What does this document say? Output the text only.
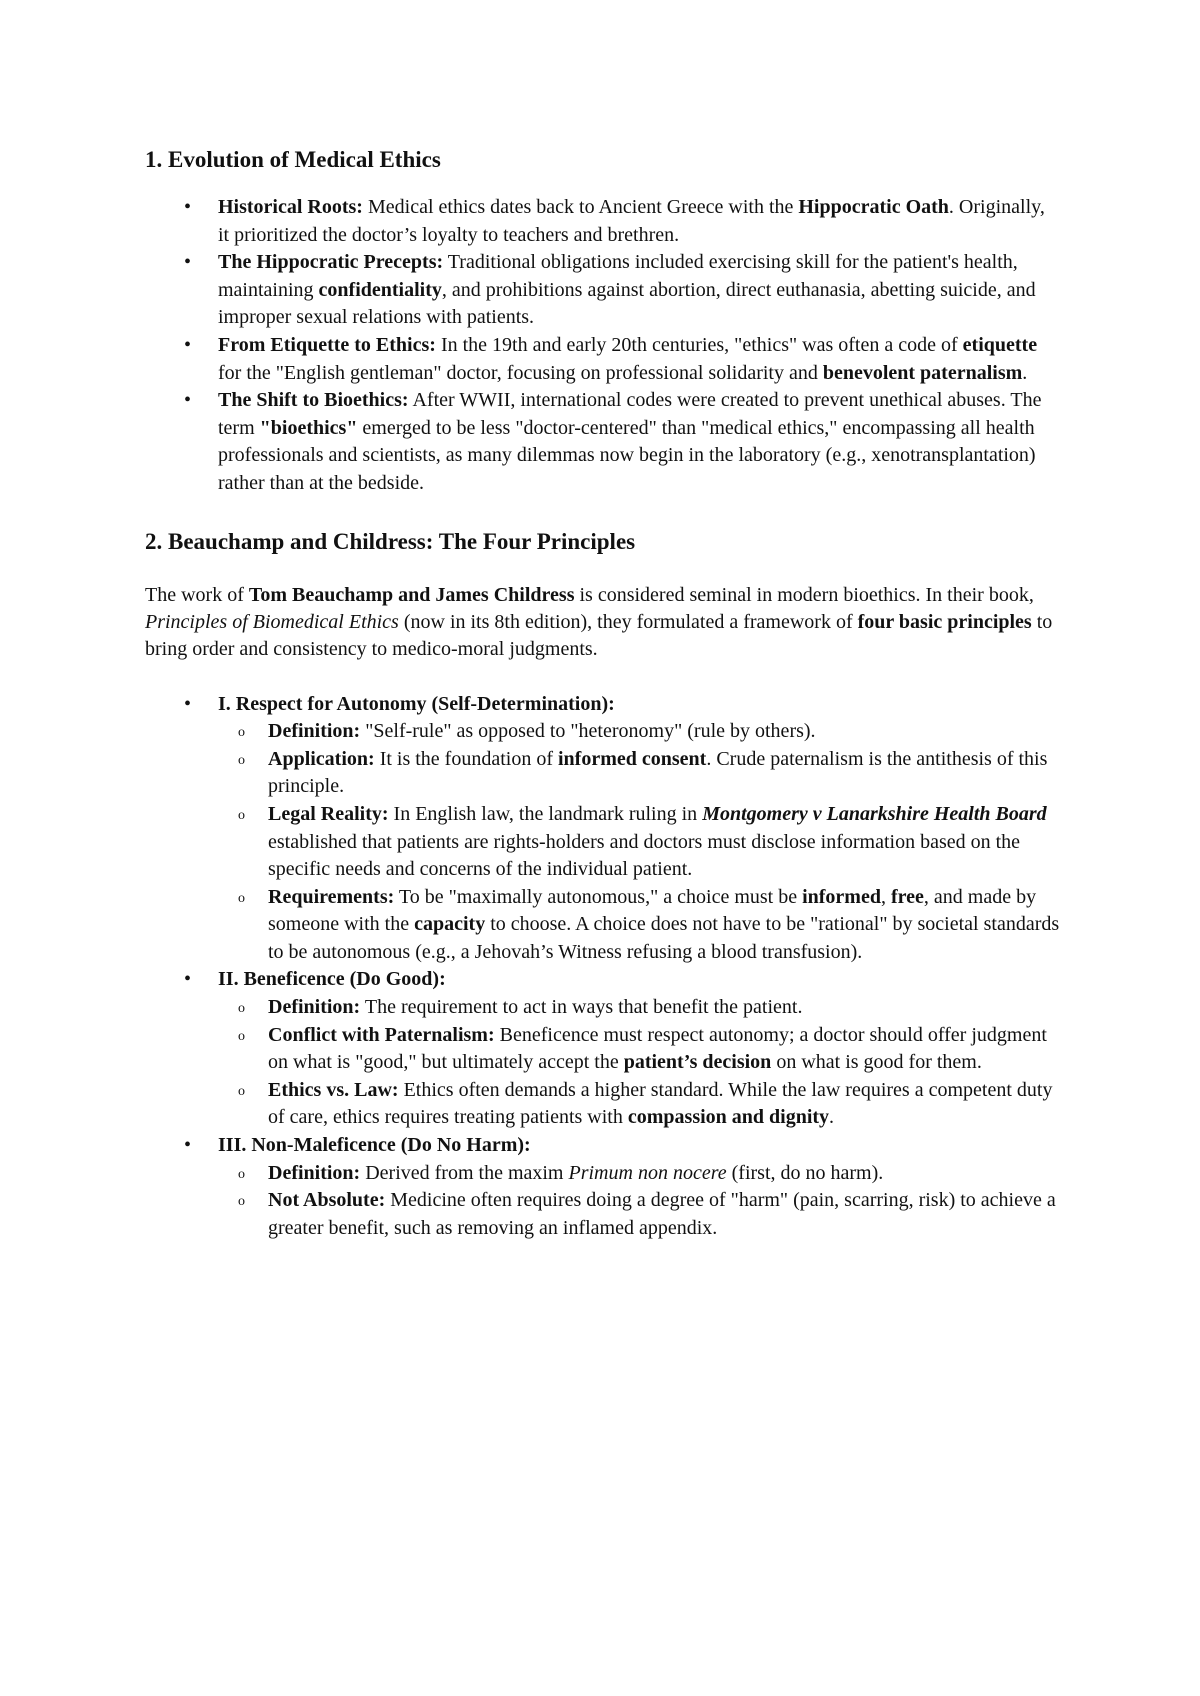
1. Evolution of Medical Ethics
• Historical Roots: Medical ethics dates back to Ancient Greece with the Hippocratic Oath. Originally, it prioritized the doctor’s loyalty to teachers and brethren.
• The Hippocratic Precepts: Traditional obligations included exercising skill for the patient's health, maintaining confidentiality, and prohibitions against abortion, direct euthanasia, abetting suicide, and improper sexual relations with patients.
• From Etiquette to Ethics: In the 19th and early 20th centuries, "ethics" was often a code of etiquette for the "English gentleman" doctor, focusing on professional solidarity and benevolent paternalism.
• The Shift to Bioethics: After WWII, international codes were created to prevent unethical abuses. The term "bioethics" emerged to be less "doctor-centered" than "medical ethics," encompassing all health professionals and scientists, as many dilemmas now begin in the laboratory (e.g., xenotransplantation) rather than at the bedside.
2. Beauchamp and Childress: The Four Principles

The work of Tom Beauchamp and James Childress is considered seminal in modern bioethics. In their book, Principles of Biomedical Ethics (now in its 8th edition), they formulated a framework of four basic principles to bring order and consistency to medico-moral judgments.

• I. Respect for Autonomy (Self-Determination):
o Definition: "Self-rule" as opposed to "heteronomy" (rule by others).
o Application: It is the foundation of informed consent. Crude paternalism is the antithesis of this principle.
o Legal Reality: In English law, the landmark ruling in Montgomery v Lanarkshire Health Board established that patients are rights-holders and doctors must disclose information based on the specific needs and concerns of the individual patient.
o Requirements: To be "maximally autonomous," a choice must be informed, free, and made by someone with the capacity to choose. A choice does not have to be "rational" by societal standards to be autonomous (e.g., a Jehovah’s Witness refusing a blood transfusion).
• II. Beneficence (Do Good):
o Definition: The requirement to act in ways that benefit the patient.
o Conflict with Paternalism: Beneficence must respect autonomy; a doctor should offer judgment on what is "good," but ultimately accept the patient’s decision on what is good for them.
o Ethics vs. Law: Ethics often demands a higher standard. While the law requires a competent duty of care, ethics requires treating patients with compassion and dignity.
• III. Non-Maleficence (Do No Harm):
o Definition: Derived from the maxim Primum non nocere (first, do no harm).
o Not Absolute: Medicine often requires doing a degree of "harm" (pain, scarring, risk) to achieve a greater benefit, such as removing an inflamed appendix.
